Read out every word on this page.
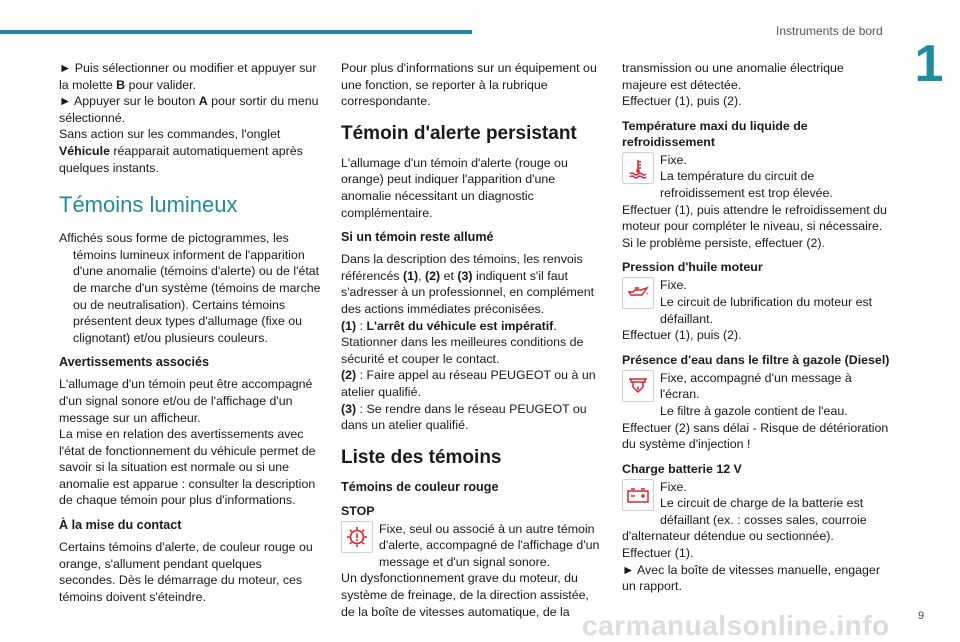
Instruments de bord
1

► Puis sélectionner ou modifier et appuyer sur la molette B pour valider.
► Appuyer sur le bouton A pour sortir du menu sélectionné.
Sans action sur les commandes, l'onglet Véhicule réapparait automatiquement après quelques instants.

Témoins lumineux

Affichés sous forme de pictogrammes, les témoins lumineux informent de l'apparition d'une anomalie (témoins d'alerte) ou de l'état de marche d'un système (témoins de marche ou de neutralisation). Certains témoins présentent deux types d'allumage (fixe ou clignotant) et/ou plusieurs couleurs.

Avertissements associés

L'allumage d'un témoin peut être accompagné d'un signal sonore et/ou de l'affichage d'un message sur un afficheur.
La mise en relation des avertissements avec l'état de fonctionnement du véhicule permet de savoir si la situation est normale ou si une anomalie est apparue : consulter la description de chaque témoin pour plus d'informations.

À la mise du contact

Certains témoins d'alerte, de couleur rouge ou orange, s'allument pendant quelques secondes. Dès le démarrage du moteur, ces témoins doivent s'éteindre.

Pour plus d'informations sur un équipement ou une fonction, se reporter à la rubrique correspondante.

Témoin d'alerte persistant

L'allumage d'un témoin d'alerte (rouge ou orange) peut indiquer l'apparition d'une anomalie nécessitant un diagnostic complémentaire.

Si un témoin reste allumé

Dans la description des témoins, les renvois référencés (1), (2) et (3) indiquent s'il faut s'adresser à un professionnel, en complément des actions immédiates préconisées.
(1) : L'arrêt du véhicule est impératif.
Stationner dans les meilleures conditions de sécurité et couper le contact.
(2) : Faire appel au réseau PEUGEOT ou à un atelier qualifié.
(3) : Se rendre dans le réseau PEUGEOT ou dans un atelier qualifié.

Liste des témoins
Témoins de couleur rouge
STOP

Fixe, seul ou associé à un autre témoin d'alerte, accompagné de l'affichage d'un message et d'un signal sonore.
Un dysfonctionnement grave du moteur, du système de freinage, de la direction assistée, de la boîte de vitesses automatique, de la

transmission ou une anomalie électrique majeure est détectée.
Effectuer (1), puis (2).

Température maxi du liquide de refroidissement

Fixe.
La température du circuit de refroidissement est trop élevée.
Effectuer (1), puis attendre le refroidissement du moteur pour compléter le niveau, si nécessaire.
Si le problème persiste, effectuer (2).

Pression d'huile moteur

Fixe.
Le circuit de lubrification du moteur est défaillant.
Effectuer (1), puis (2).

Présence d'eau dans le filtre à gazole (Diesel)

Fixe, accompagné d'un message à l'écran.
Le filtre à gazole contient de l'eau.
Effectuer (2) sans délai - Risque de détérioration du système d'injection !

Charge batterie 12 V

Fixe.
Le circuit de charge de la batterie est défaillant (ex. : cosses sales, courroie d'alternateur détendue ou sectionnée).
Effectuer (1).
► Avec la boîte de vitesses manuelle, engager un rapport.

carmanualsonline.info	9
